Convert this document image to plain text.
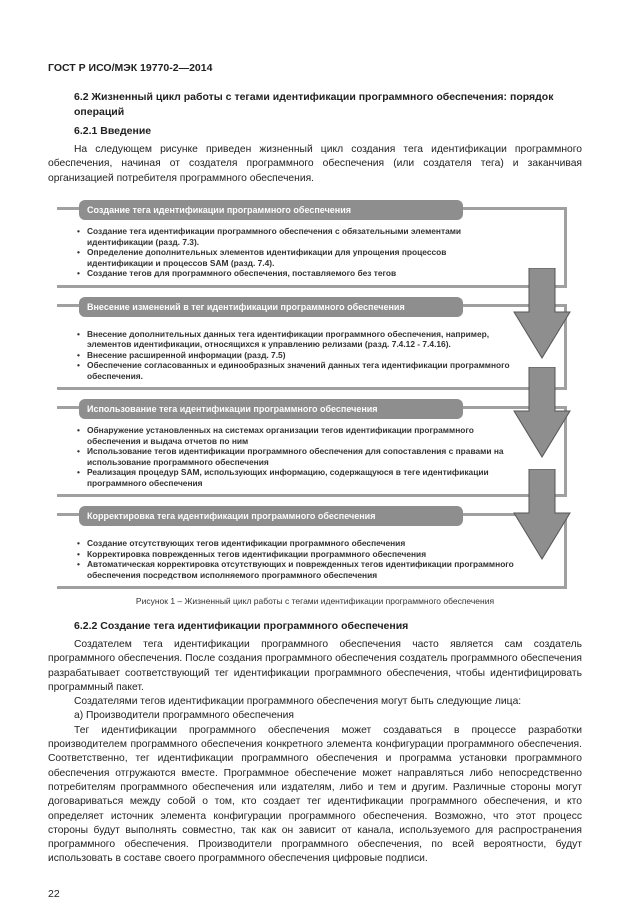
ГОСТ Р ИСО/МЭК 19770-2—2014
6.2 Жизненный цикл работы с тегами идентификации программного обеспечения: порядок операций
6.2.1 Введение
На следующем рисунке приведен жизненный цикл создания тега идентификации программного обеспечения, начиная от создателя программного обеспечения (или создателя тега) и заканчивая организацией потребителя программного обеспечения.
Создание тега идентификации программного обеспечения
• Создание тега идентификации программного обеспечения с обязательными элементами идентификации (разд. 7.3).
• Определение дополнительных элементов идентификации для упрощения процессов идентификации и процессов SAM (разд. 7.4).
• Создание тегов для программного обеспечения, поставляемого без тегов
Внесение изменений в тег идентификации программного обеспечения
• Внесение дополнительных данных тега идентификации программного обеспечения, например, элементов идентификации, относящихся к управлению релизами (разд. 7.4.12 - 7.4.16).
• Внесение расширенной информации (разд. 7.5)
• Обеспечение согласованных и единообразных значений данных тега идентификации программного обеспечения.
Использование тега идентификации программного обеспечения
• Обнаружение установленных на системах организации тегов идентификации программного обеспечения и выдача отчетов по ним
• Использование тегов идентификации программного обеспечения для сопоставления с правами на использование программного обеспечения
• Реализация процедур SAM, использующих информацию, содержащуюся в теге идентификации программного обеспечения
Корректировка тега идентификации программного обеспечения
• Создание отсутствующих тегов идентификации программного обеспечения
• Корректировка поврежденных тегов идентификации программного обеспечения
• Автоматическая корректировка отсутствующих и поврежденных тегов идентификации программного обеспечения посредством исполняемого программного обеспечения
Рисунок 1 – Жизненный цикл работы с тегами идентификации программного обеспечения
6.2.2 Создание тега идентификации программного обеспечения
Создателем тега идентификации программного обеспечения часто является сам создатель программного обеспечения. После создания программного обеспечения создатель программного обеспечения разрабатывает соответствующий тег идентификации программного обеспечения, чтобы идентифицировать программный пакет.
Создателями тегов идентификации программного обеспечения могут быть следующие лица:
а) Производители программного обеспечения
Тег идентификации программного обеспечения может создаваться в процессе разработки производителем программного обеспечения конкретного элемента конфигурации программного обеспечения. Соответственно, тег идентификации программного обеспечения и программа установки программного обеспечения отгружаются вместе. Программное обеспечение может направляться либо непосредственно потребителям программного обеспечения или издателям, либо и тем и другим. Различные стороны могут договариваться между собой о том, кто создает тег идентификации программного обеспечения, и кто определяет источник элемента конфигурации программного обеспечения. Возможно, что этот процесс стороны будут выполнять совместно, так как он зависит от канала, используемого для распространения программного обеспечения. Производители программного обеспечения, по всей вероятности, будут использовать в составе своего программного обеспечения цифровые подписи.
22
